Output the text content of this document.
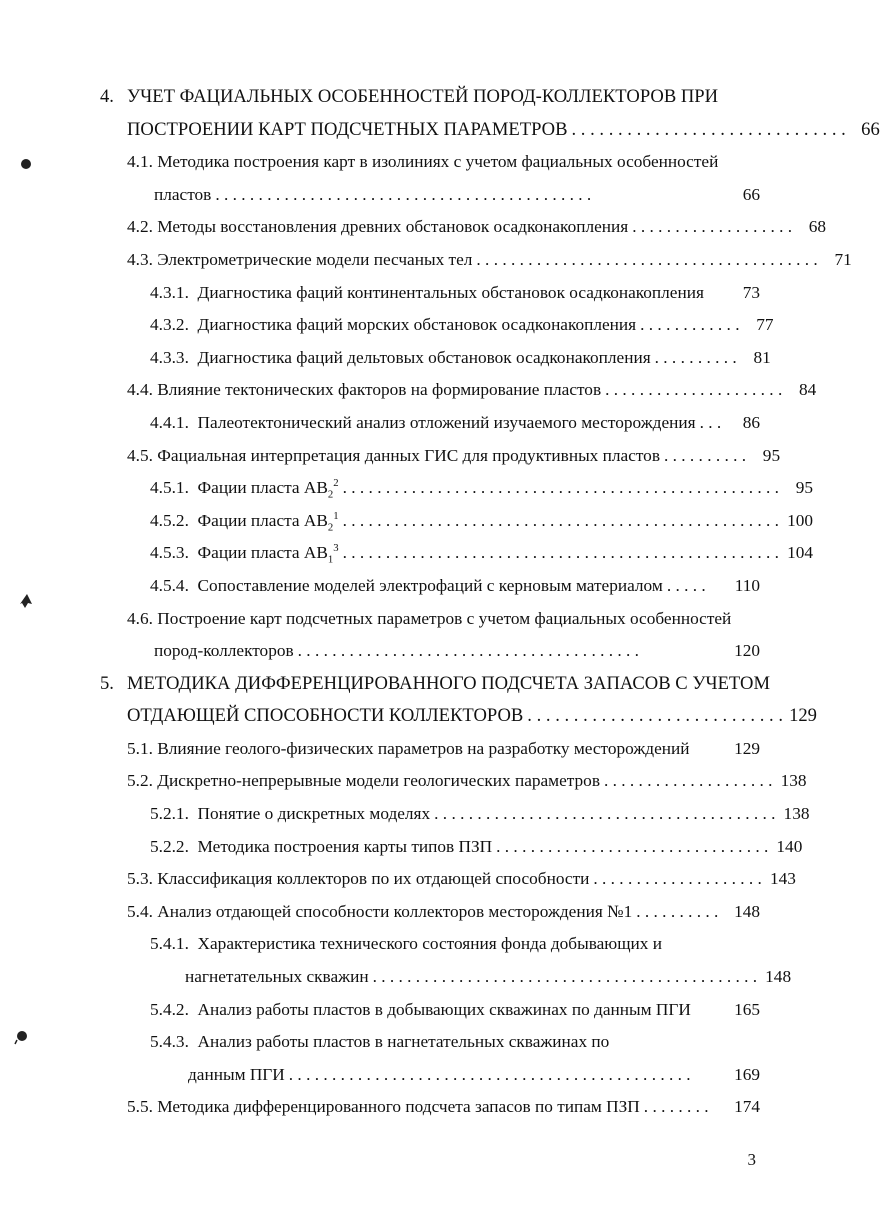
4. УЧЕТ ФАЦИАЛЬНЫХ ОСОБЕННОСТЕЙ ПОРОД-КОЛЛЕКТОРОВ ПРИ
ПОСТРОЕНИИ КАРТ ПОДСЧЕТНЫХ ПАРАМЕТРОВ . . . . . . . . . . . . . . . . . . . . . . . . . . . . . . 66
4.1. Методика построения карт в изолиниях с учетом фациальных особенностей
пластов . . . . . . . . . . . . . . . . . . . . . . . . . . . . . . . . . . . . . . . . . . . .	66
4.2. Методы восстановления древних обстановок осадконакопления . . . . . . . . . . . . . . . . . . . 68
4.3. Электрометрические модели песчаных тел . . . . . . . . . . . . . . . . . . . . . . . . . . . . . . . . . . . . . . . . 71
4.3.1. Диагностика фаций континентальных обстановок осадконакопления	73
4.3.2. Диагностика фаций морских обстановок осадконакопления . . . . . . . . . . . . 77
4.3.3. Диагностика фаций дельтовых обстановок осадконакопления . . . . . . . . . . 81
4.4. Влияние тектонических факторов на формирование пластов . . . . . . . . . . . . . . . . . . . . . 84
4.4.1. Палеотектонический анализ отложений изучаемого месторождения . . .	86
4.5. Фациальная интерпретация данных ГИС для продуктивных пластов . . . . . . . . . . 95
4.5.1. Фации пласта $АВ_2^2$ . . . . . . . . . . . . . . . . . . . . . . . . . . . . . . . . . . . . . . . . . . . . . . . . . . . 95
4.5.2. Фации пласта $АВ_2^1$ . . . . . . . . . . . . . . . . . . . . . . . . . . . . . . . . . . . . . . . . . . . . . . . . . . . 100
4.5.3. Фации пласта $АВ_1^3$ . . . . . . . . . . . . . . . . . . . . . . . . . . . . . . . . . . . . . . . . . . . . . . . . . . . 104
4.5.4. Сопоставление моделей электрофаций с керновым материалом . . . . .	110
4.6. Построение карт подсчетных параметров с учетом фациальных особенностей
пород-коллекторов . . . . . . . . . . . . . . . . . . . . . . . . . . . . . . . . . . . . . . . .	120
5. МЕТОДИКА ДИФФЕРЕНЦИРОВАННОГО ПОДСЧЕТА ЗАПАСОВ С УЧЕТОМ
ОТДАЮЩЕЙ СПОСОБНОСТИ КОЛЛЕКТОРОВ . . . . . . . . . . . . . . . . . . . . . . . . . . . . 129
5.1. Влияние геолого-физических параметров на разработку месторождений	129
5.2. Дискретно-непрерывные модели геологических параметров . . . . . . . . . . . . . . . . . . . . 138
5.2.1. Понятие о дискретных моделях . . . . . . . . . . . . . . . . . . . . . . . . . . . . . . . . . . . . . . . . 138
5.2.2. Методика построения карты типов ПЗП . . . . . . . . . . . . . . . . . . . . . . . . . . . . . . . . 140
5.3. Классификация коллекторов по их отдающей способности . . . . . . . . . . . . . . . . . . . . 143
5.4. Анализ отдающей способности коллекторов месторождения №1 . . . . . . . . . . 148
5.4.1. Характеристика технического состояния фонда добывающих и
нагнетательных скважин . . . . . . . . . . . . . . . . . . . . . . . . . . . . . . . . . . . . . . . . . . . . . 148
5.4.2. Анализ работы пластов в добывающих скважинах по данным ПГИ	165
5.4.3. Анализ работы пластов в нагнетательных скважинах по
данным ПГИ . . . . . . . . . . . . . . . . . . . . . . . . . . . . . . . . . . . . . . . . . . . . . . .	169
5.5. Методика дифференцированного подсчета запасов по типам ПЗП . . . . . . . .	174
3
